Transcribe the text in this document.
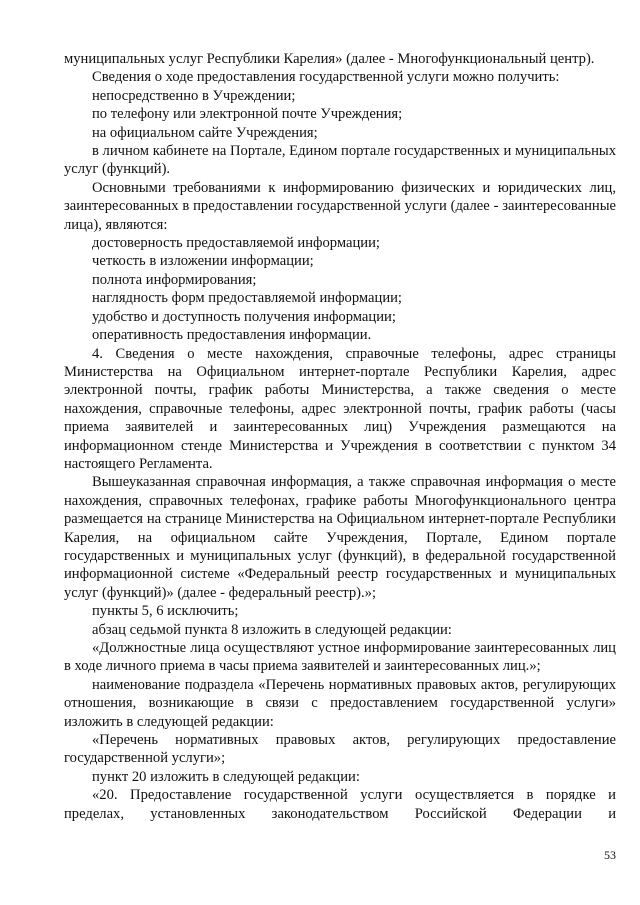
муниципальных услуг Республики Карелия» (далее - Многофункциональный центр).

Сведения о ходе предоставления государственной услуги можно получить:

непосредственно в Учреждении;

по телефону или электронной почте Учреждения;

на официальном сайте Учреждения;

в личном кабинете на Портале, Едином портале государственных и муниципальных услуг (функций).

Основными требованиями к информированию физических и юридических лиц, заинтересованных в предоставлении государственной услуги (далее - заинтересованные лица), являются:

достоверность предоставляемой информации;

четкость в изложении информации;

полнота информирования;

наглядность форм предоставляемой информации;

удобство и доступность получения информации;

оперативность предоставления информации.

4. Сведения о месте нахождения, справочные телефоны, адрес страницы Министерства на Официальном интернет-портале Республики Карелия, адрес электронной почты, график работы Министерства, а также сведения о месте нахождения, справочные телефоны, адрес электронной почты, график работы (часы приема заявителей и заинтересованных лиц) Учреждения размещаются на информационном стенде Министерства и Учреждения в соответствии с пунктом 34 настоящего Регламента.

Вышеуказанная справочная информация, а также справочная информация о месте нахождения, справочных телефонах, графике работы Многофункционального центра размещается на странице Министерства на Официальном интернет-портале Республики Карелия, на официальном сайте Учреждения, Портале, Едином портале государственных и муниципальных услуг (функций), в федеральной государственной информационной системе «Федеральный реестр государственных и муниципальных услуг (функций)» (далее - федеральный реестр).»;

пункты 5, 6 исключить;

абзац седьмой пункта 8 изложить в следующей редакции:

«Должностные лица осуществляют устное информирование заинтересованных лиц в ходе личного приема в часы приема заявителей и заинтересованных лиц.»;

наименование подраздела «Перечень нормативных правовых актов, регулирующих отношения, возникающие в связи с предоставлением государственной услуги» изложить в следующей редакции:

«Перечень нормативных правовых актов, регулирующих предоставление государственной услуги»;

пункт 20 изложить в следующей редакции:

«20. Предоставление государственной услуги осуществляется в порядке и пределах, установленных законодательством Российской Федерации и

53
